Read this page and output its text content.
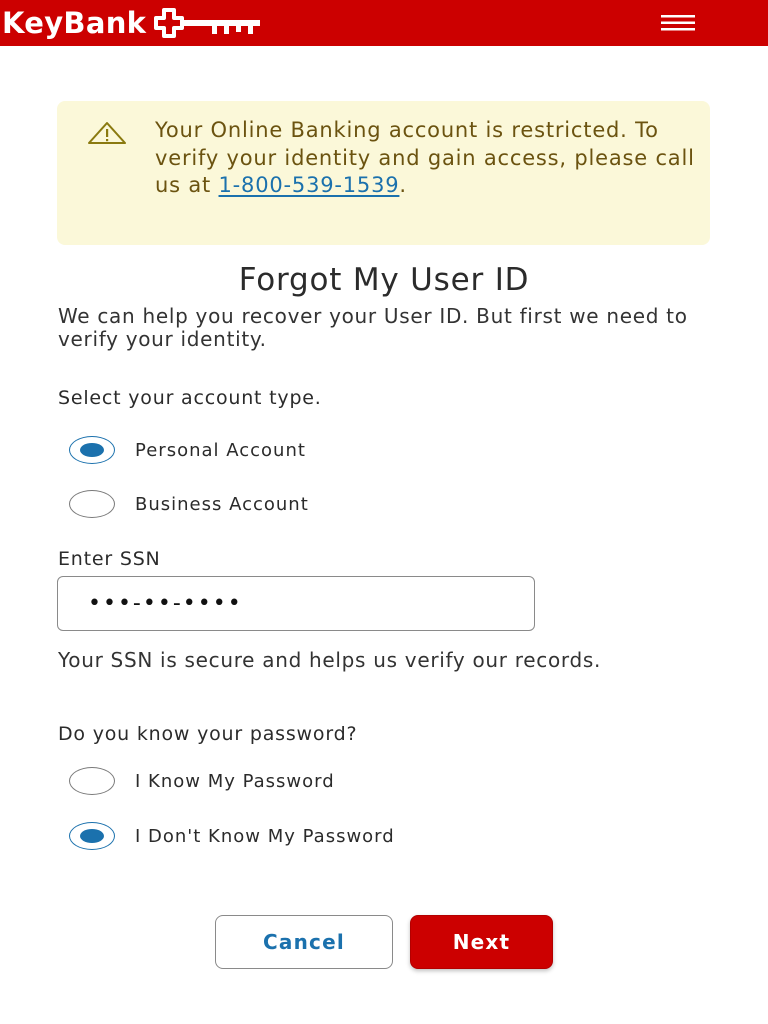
KeyBank
Your Online Banking account is restricted. To verify your identity and gain access, please call us at 1-800-539-1539.
Forgot My User ID
We can help you recover your User ID. But first we need to verify your identity.
Select your account type.
Personal Account
Business Account
Enter SSN
•••-••-••••
Your SSN is secure and helps us verify our records.
Do you know your password?
I Know My Password
I Don't Know My Password
Cancel	Next
